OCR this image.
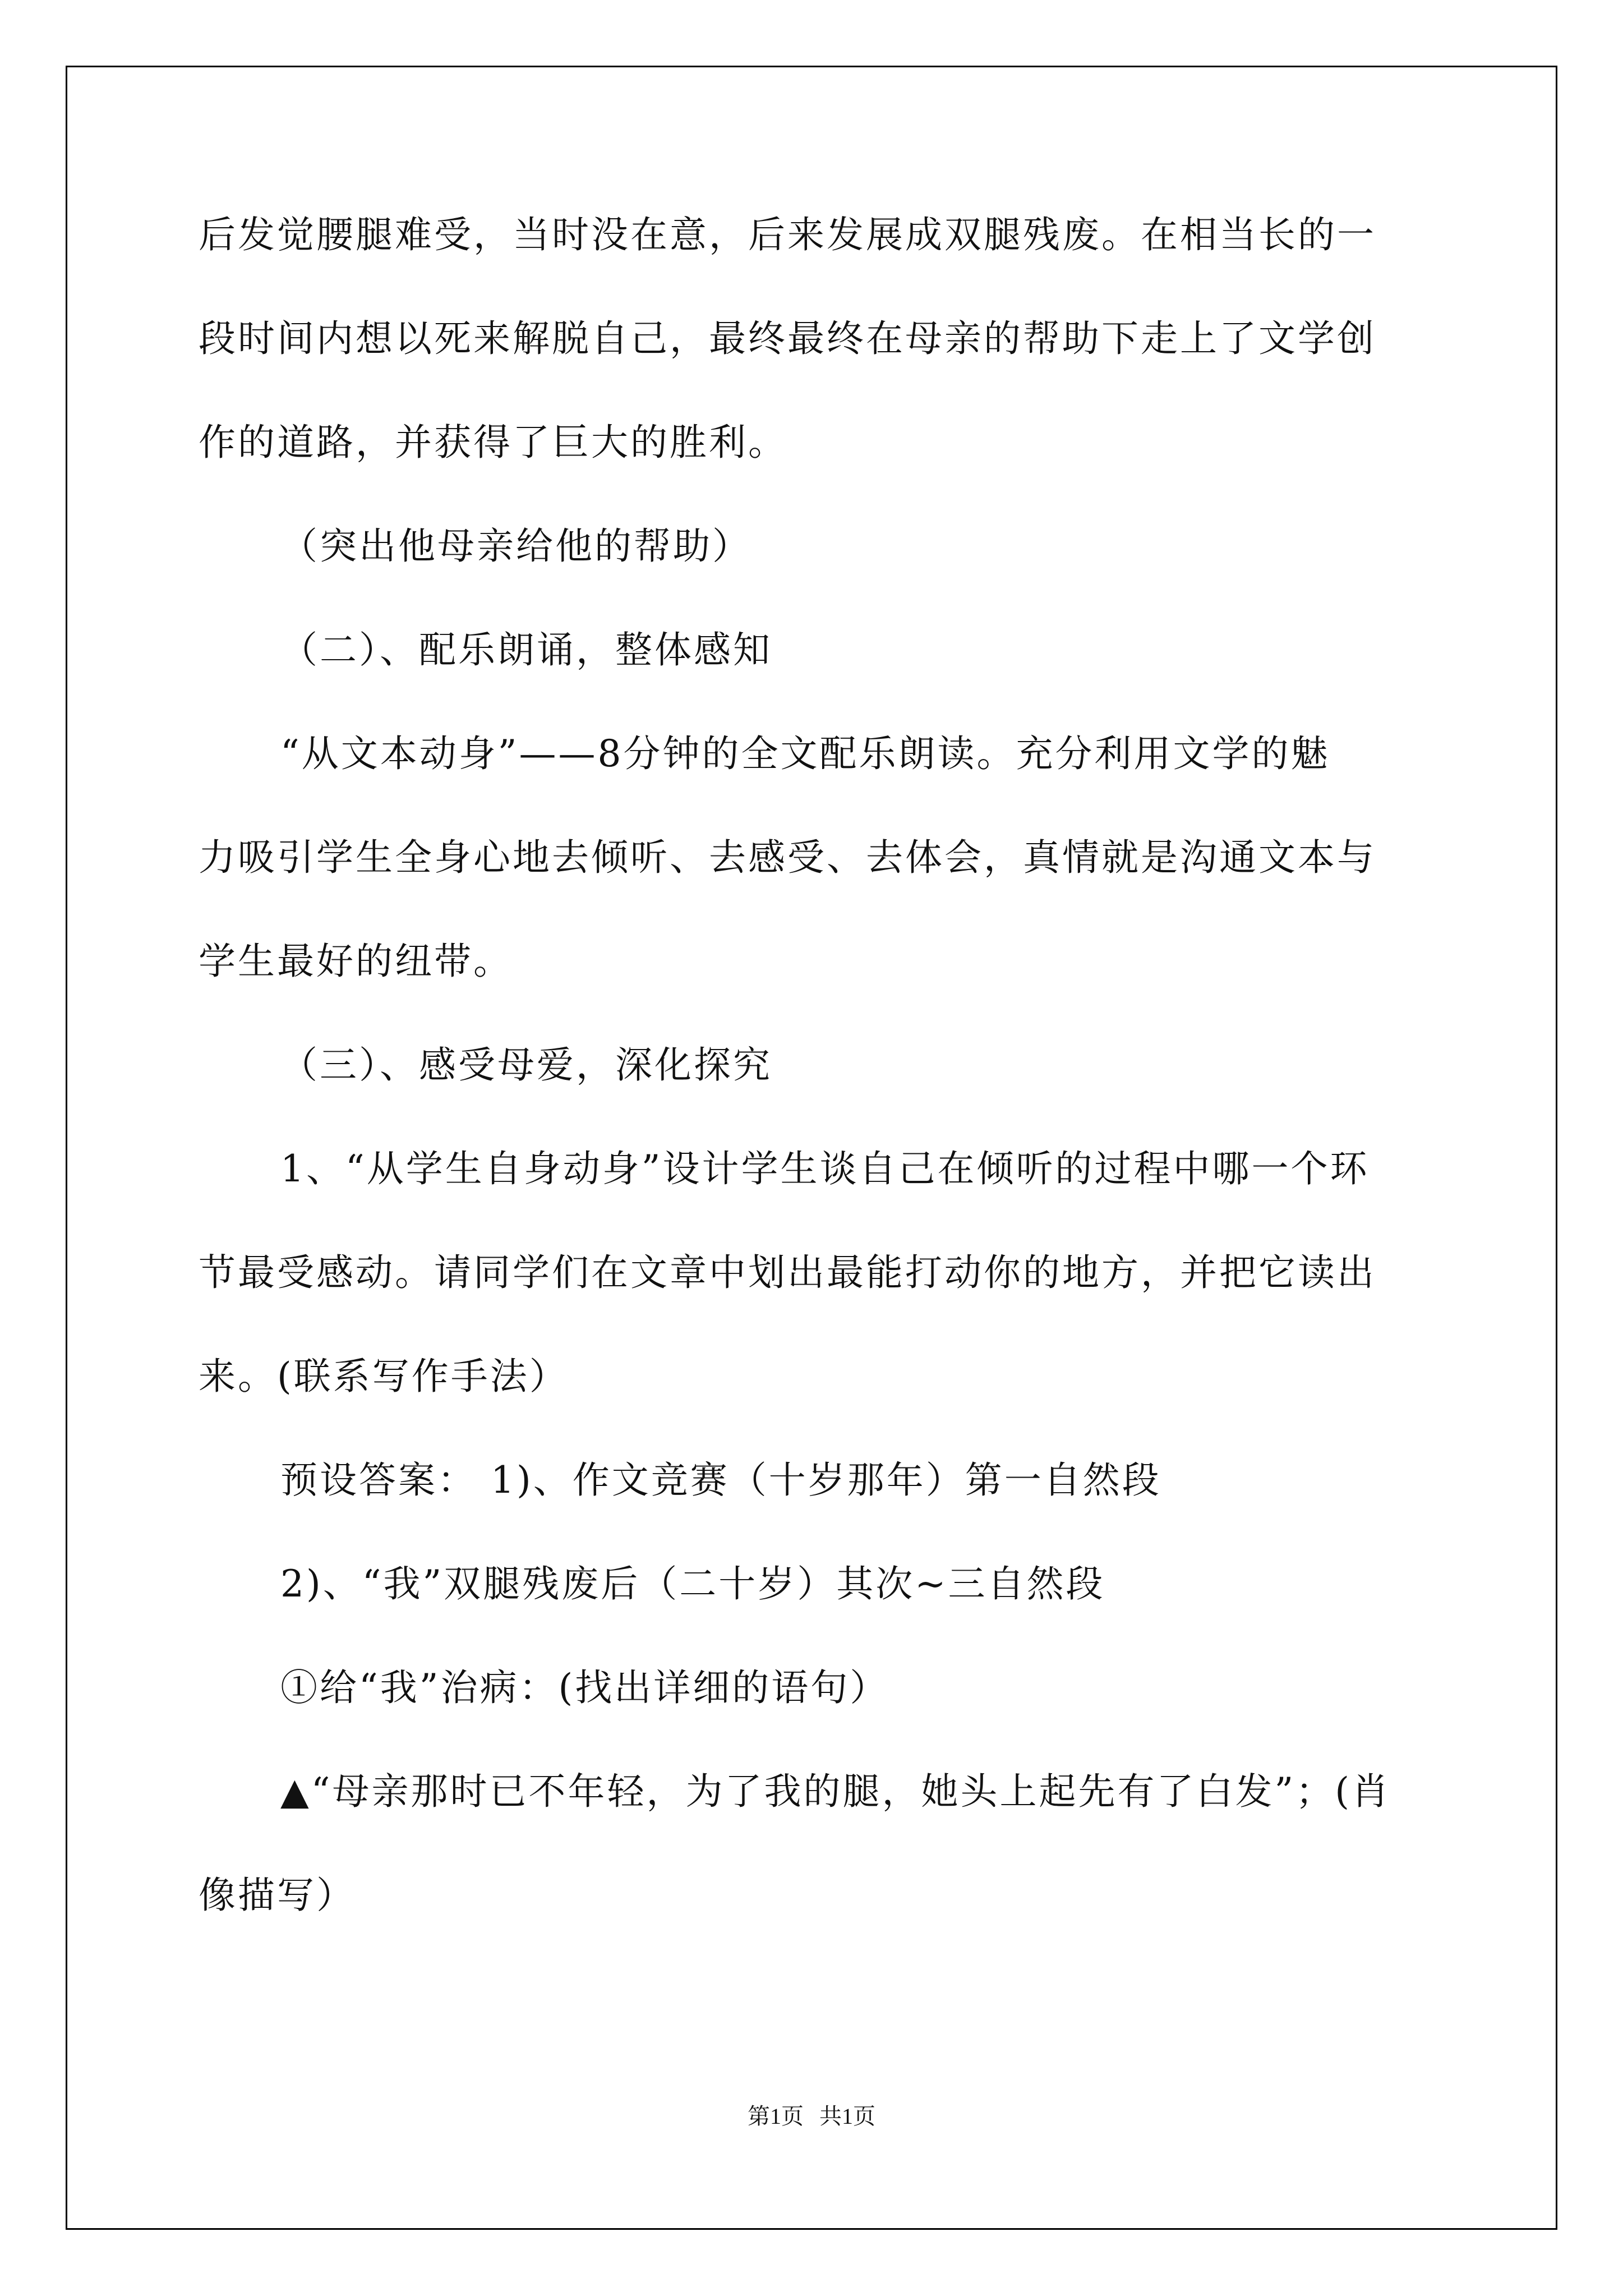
后发觉腰腿难受，当时没在意，后来发展成双腿残废。在相当长的一
段时间内想以死来解脱自己，最终最终在母亲的帮助下走上了文学创
作的道路，并获得了巨大的胜利。
（突出他母亲给他的帮助）
（二）、配乐朗诵，整体感知
“从文本动身”——8分钟的全文配乐朗读。充分利用文学的魅
力吸引学生全身心地去倾听、去感受、去体会，真情就是沟通文本与
学生最好的纽带。
（三）、感受母爱，深化探究
1、“从学生自身动身”设计学生谈自己在倾听的过程中哪一个环
节最受感动。请同学们在文章中划出最能打动你的地方，并把它读出
来。(联系写作手法）
预设答案： 1)、作文竞赛（十岁那年）第一自然段
2)、“我”双腿残废后（二十岁）其次~三自然段
①给“我”治病：(找出详细的语句）
▲“母亲那时已不年轻，为了我的腿，她头上起先有了白发”；(肖
像描写）
第1页 共1页
